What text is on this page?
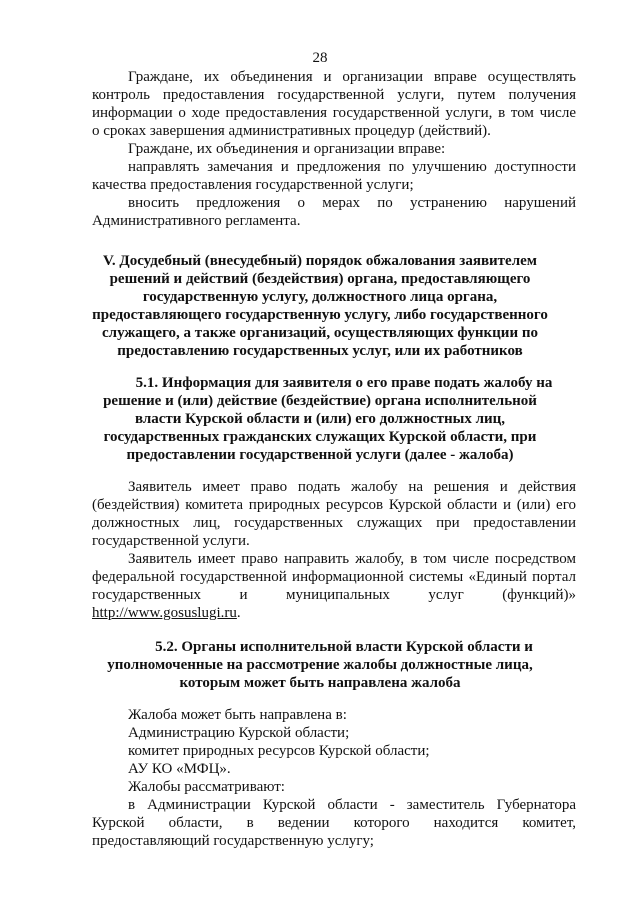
28
Граждане, их объединения и организации вправе осуществлять
контроль предоставления государственной услуги, путем получения
информации о ходе предоставления государственной услуги, в том числе
о сроках завершения административных процедур (действий).
Граждане, их объединения и организации вправе:
направлять замечания и предложения по улучшению доступности
качества предоставления государственной услуги;
вносить предложения о мерах по устранению нарушений
Административного регламента.
V. Досудебный (внесудебный) порядок обжалования заявителем
решений и действий (бездействия) органа, предоставляющего
государственную услугу, должностного лица органа,
предоставляющего государственную услугу, либо государственного
служащего, а также организаций, осуществляющих функции по
предоставлению государственных услуг, или их работников
5.1. Информация для заявителя о его праве подать жалобу на
решение и (или) действие (бездействие) органа исполнительной
власти Курской области и (или) его должностных лиц,
государственных гражданских служащих Курской области, при
предоставлении государственной услуги (далее - жалоба)
Заявитель имеет право подать жалобу на решения и действия
(бездействия) комитета природных ресурсов Курской области и (или) его
должностных лиц, государственных служащих при предоставлении
государственной услуги.
Заявитель имеет право направить жалобу, в том числе посредством
федеральной государственной информационной системы «Единый портал
государственных и муниципальных услуг (функций)»
http://www.gosuslugi.ru.
5.2. Органы исполнительной власти Курской области и
уполномоченные на рассмотрение жалобы должностные лица,
которым может быть направлена жалоба
Жалоба может быть направлена в:
Администрацию Курской области;
комитет природных ресурсов Курской области;
АУ КО «МФЦ».
Жалобы рассматривают:
в Администрации Курской области - заместитель Губернатора
Курской области, в ведении которого находится комитет,
предоставляющий государственную услугу;
